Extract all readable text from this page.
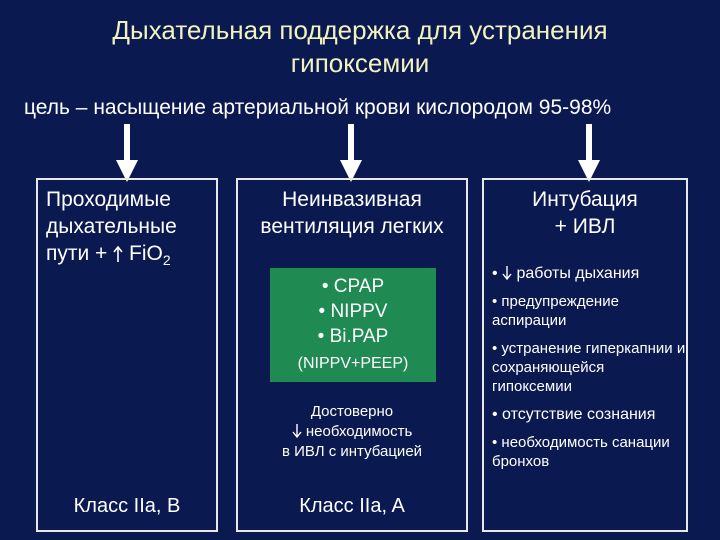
Дыхательная поддержка для устранения
гипоксемии
цель – насыщение артериальной крови кислородом 95-98%
Проходимые
дыхательные
пути +  FiO$_2$
Класс IIa, B
Неинвазивная
вентиляция легких
• CPAP
• NIPPV
• Bi.PAP
(NIPPV+PEEP)
Достоверно
необходимость
в ИВЛ с интубацией
Класс IIa, A
Интубация
+ ИВЛ
•  работы дыхания
• предупреждение аспирации
• устранение гиперкапнии и сохраняющейся гипоксемии
• отсутствие сознания
• необходимость санации бронхов
